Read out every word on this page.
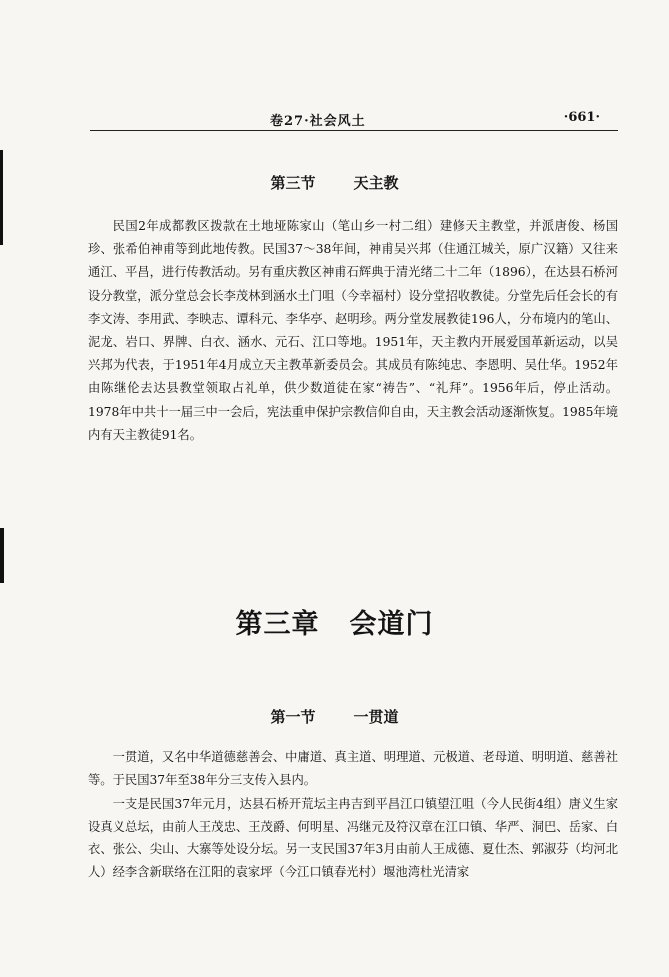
卷27·社会风土	·661·
第三节	天主教

民国2年成都教区拨款在土地垭陈家山（笔山乡一村二组）建修天主教堂，并派唐俊、杨国珍、张希伯神甫等到此地传教。民国37～38年间，神甫吴兴邦（住通江城关，原广汉籍）又往来通江、平昌，进行传教活动。另有重庆教区神甫石辉典于清光绪二十二年（1896），在达县石桥河设分教堂，派分堂总会长李茂林到涵水土门咀（今幸福村）设分堂招收教徒。分堂先后任会长的有李文涛、李用武、李映志、谭科元、李华亭、赵明珍。两分堂发展教徒196人，分布境内的笔山、泥龙、岩口、界牌、白衣、涵水、元石、江口等地。1951年，天主教内开展爱国革新运动，以吴兴邦为代表，于1951年4月成立天主教革新委员会。其成员有陈纯忠、李恩明、吴仕华。1952年由陈继伦去达县教堂领取占礼单，供少数道徒在家“祷告”、“礼拜”。1956年后，停止活动。1978年中共十一届三中一会后，宪法重申保护宗教信仰自由，天主教会活动逐渐恢复。1985年境内有天主教徒91名。

第三章 会道门
第一节	一贯道

一贯道，又名中华道德慈善会、中庸道、真主道、明理道、元极道、老母道、明明道、慈善社等。于民国37年至38年分三支传入县内。

一支是民国37年元月，达县石桥开荒坛主冉吉到平昌江口镇望江咀（今人民街4组）唐义生家设真义总坛，由前人王茂忠、王茂爵、何明星、冯继元及符汉章在江口镇、华严、洞巴、岳家、白衣、张公、尖山、大寨等处设分坛。另一支民国37年3月由前人王成德、夏仕杰、郭淑芬（均河北人）经李含新联络在江阳的袁家坪（今江口镇春光村）堰池湾杜光清家
